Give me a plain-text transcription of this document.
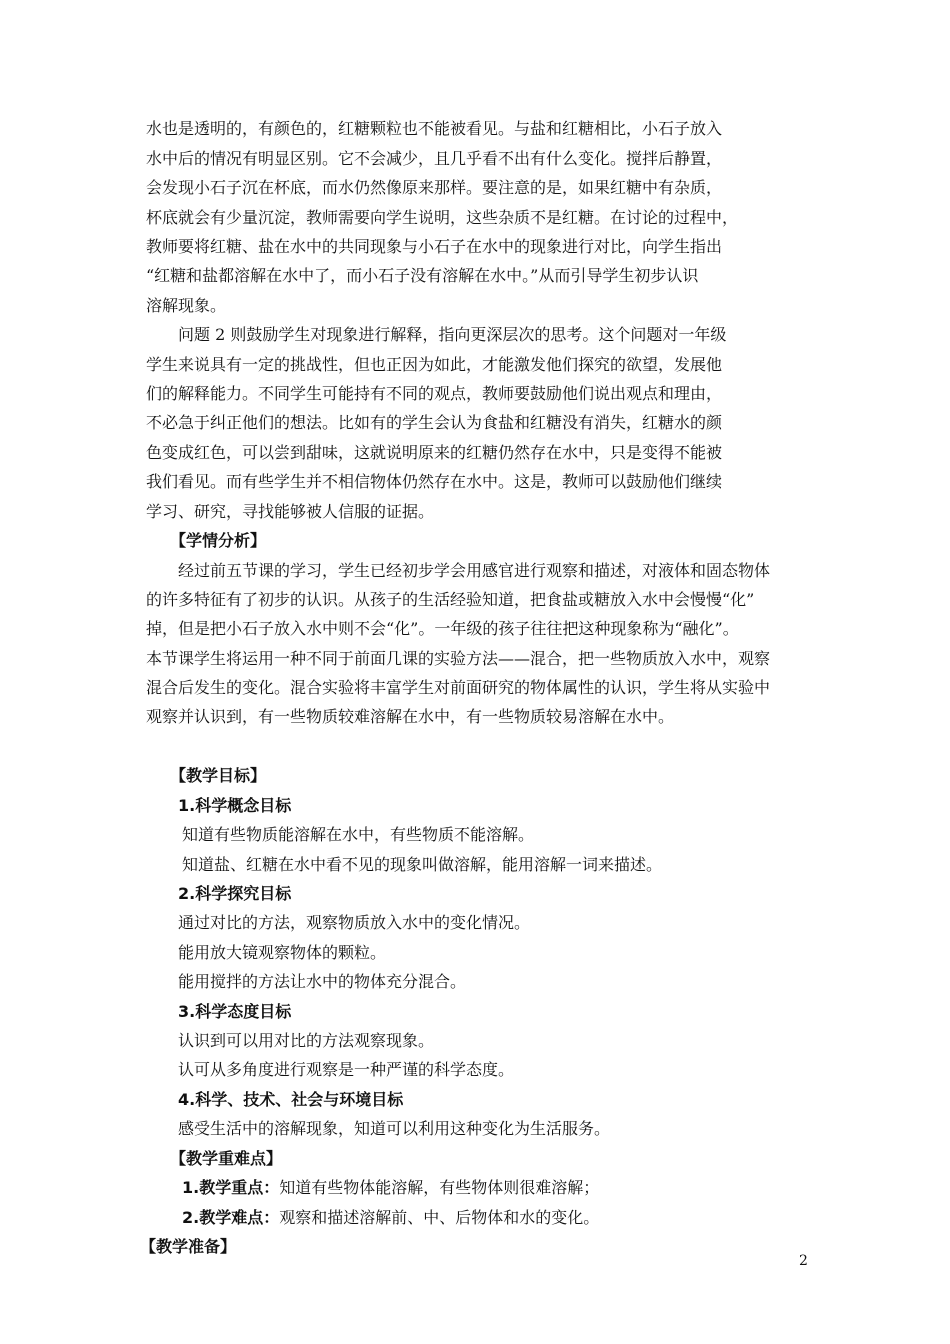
水也是透明的，有颜色的，红糖颗粒也不能被看见。与盐和红糖相比，小石子放入
水中后的情况有明显区别。它不会减少，且几乎看不出有什么变化。搅拌后静置，
会发现小石子沉在杯底，而水仍然像原来那样。要注意的是，如果红糖中有杂质，
杯底就会有少量沉淀，教师需要向学生说明，这些杂质不是红糖。在讨论的过程中，
教师要将红糖、盐在水中的共同现象与小石子在水中的现象进行对比，向学生指出
“红糖和盐都溶解在水中了，而小石子没有溶解在水中。”从而引导学生初步认识
溶解现象。
问题 2 则鼓励学生对现象进行解释，指向更深层次的思考。这个问题对一年级
学生来说具有一定的挑战性，但也正因为如此，才能激发他们探究的欲望，发展他
们的解释能力。不同学生可能持有不同的观点，教师要鼓励他们说出观点和理由，
不必急于纠正他们的想法。比如有的学生会认为食盐和红糖没有消失，红糖水的颜
色变成红色，可以尝到甜味，这就说明原来的红糖仍然存在水中，只是变得不能被
我们看见。而有些学生并不相信物体仍然存在水中。这是，教师可以鼓励他们继续
学习、研究，寻找能够被人信服的证据。
【学情分析】
经过前五节课的学习，学生已经初步学会用感官进行观察和描述，对液体和固态物体
的许多特征有了初步的认识。从孩子的生活经验知道，把食盐或糖放入水中会慢慢“化”
掉，但是把小石子放入水中则不会“化”。一年级的孩子往往把这种现象称为“融化”。
本节课学生将运用一种不同于前面几课的实验方法——混合，把一些物质放入水中，观察
混合后发生的变化。混合实验将丰富学生对前面研究的物体属性的认识，学生将从实验中
观察并认识到，有一些物质较难溶解在水中，有一些物质较易溶解在水中。
【教学目标】
1.科学概念目标
知道有些物质能溶解在水中，有些物质不能溶解。
知道盐、红糖在水中看不见的现象叫做溶解，能用溶解一词来描述。
2.科学探究目标
通过对比的方法，观察物质放入水中的变化情况。
能用放大镜观察物体的颗粒。
能用搅拌的方法让水中的物体充分混合。
3.科学态度目标
认识到可以用对比的方法观察现象。
认可从多角度进行观察是一种严谨的科学态度。
4.科学、技术、社会与环境目标
感受生活中的溶解现象，知道可以利用这种变化为生活服务。
【教学重难点】
1.教学重点：知道有些物体能溶解，有些物体则很难溶解；
2.教学难点：观察和描述溶解前、中、后物体和水的变化。
【教学准备】
2
